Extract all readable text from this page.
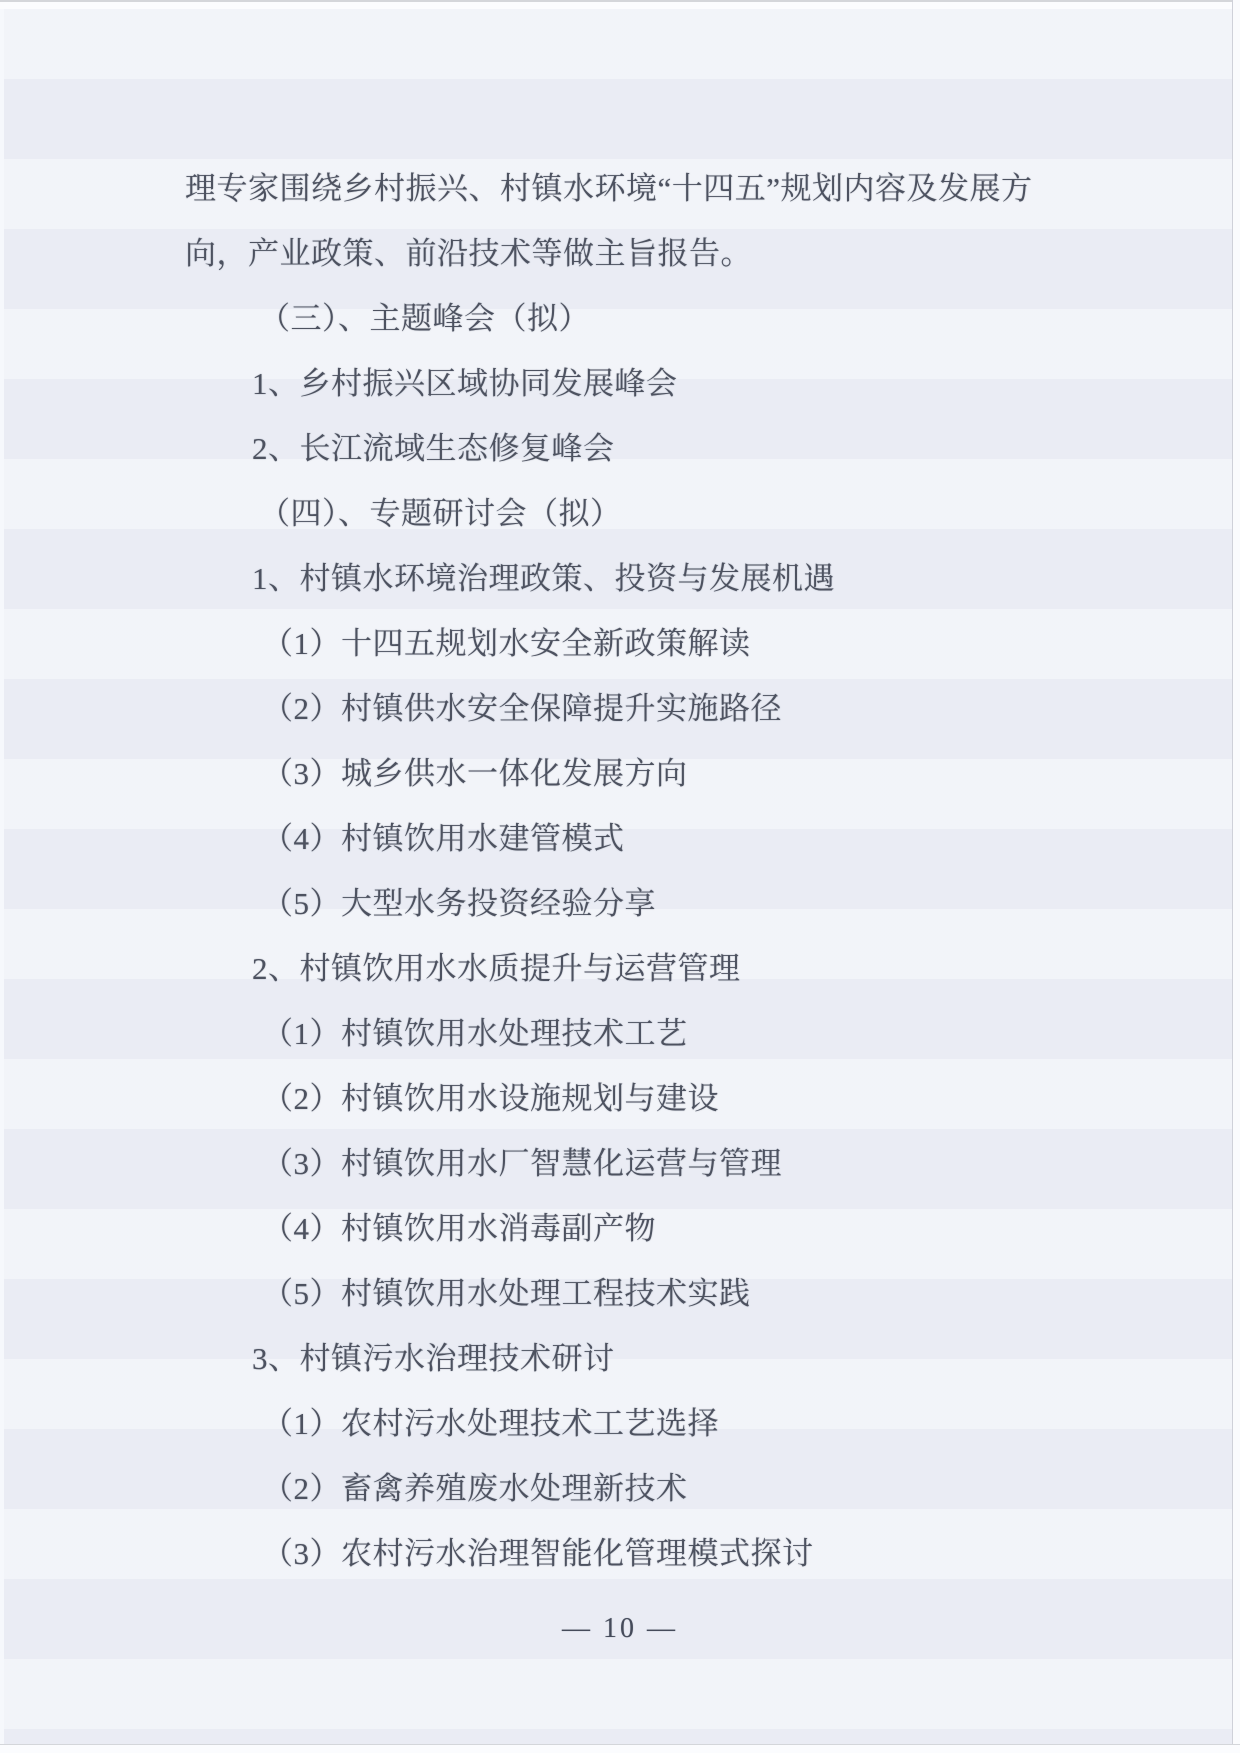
理专家围绕乡村振兴、村镇水环境“十四五”规划内容及发展方
向，产业政策、前沿技术等做主旨报告。
（三）、主题峰会（拟）
1、乡村振兴区域协同发展峰会
2、长江流域生态修复峰会
（四）、专题研讨会（拟）
1、村镇水环境治理政策、投资与发展机遇
（1）十四五规划水安全新政策解读
（2）村镇供水安全保障提升实施路径
（3）城乡供水一体化发展方向
（4）村镇饮用水建管模式
（5）大型水务投资经验分享
2、村镇饮用水水质提升与运营管理
（1）村镇饮用水处理技术工艺
（2）村镇饮用水设施规划与建设
（3）村镇饮用水厂智慧化运营与管理
（4）村镇饮用水消毒副产物
（5）村镇饮用水处理工程技术实践
3、村镇污水治理技术研讨
（1）农村污水处理技术工艺选择
（2）畜禽养殖废水处理新技术
（3）农村污水治理智能化管理模式探讨
— 10 —
